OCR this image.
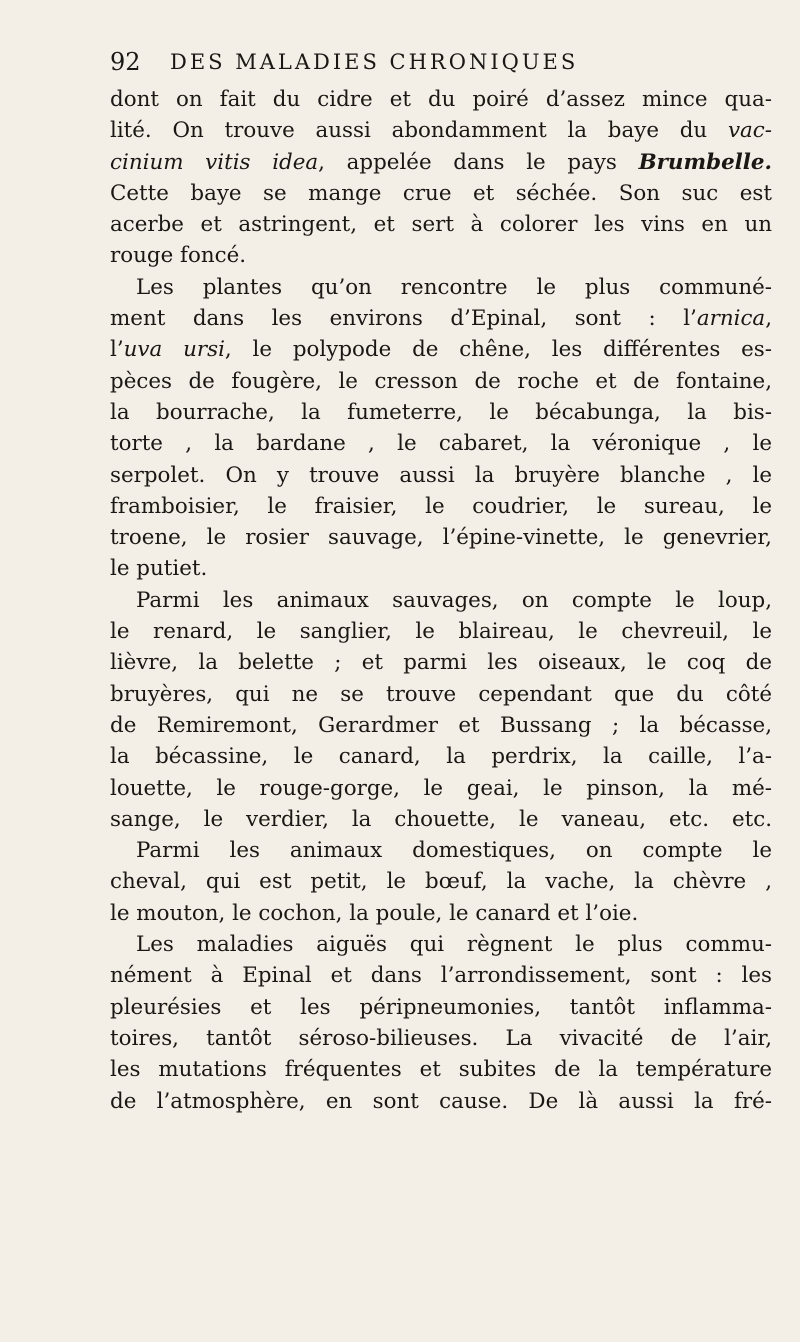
92	DES MALADIES CHRONIQUES
dont on fait du cidre et du poiré d’assez mince qua-
lité. On trouve aussi abondamment la baye du vac-
cinium vitis idea, appelée dans le pays Brumbelle.
Cette baye se mange crue et séchée. Son suc est
acerbe et astringent, et sert à colorer les vins en un
rouge foncé.
Les plantes qu’on rencontre le plus communé-
ment dans les environs d’Epinal, sont : l’arnica,
l’uva ursi, le polypode de chêne, les différentes es-
pèces de fougère, le cresson de roche et de fontaine,
la bourrache, la fumeterre, le bécabunga, la bis-
torte , la bardane , le cabaret, la véronique , le
serpolet. On y trouve aussi la bruyère blanche , le
framboisier, le fraisier, le coudrier, le sureau, le
troene, le rosier sauvage, l’épine-vinette, le genevrier,
le putiet.
Parmi les animaux sauvages, on compte le loup,
le renard, le sanglier, le blaireau, le chevreuil, le
lièvre, la belette ; et parmi les oiseaux, le coq de
bruyères, qui ne se trouve cependant que du côté
de Remiremont, Gerardmer et Bussang ; la bécasse,
la bécassine, le canard, la perdrix, la caille, l’a-
louette, le rouge-gorge, le geai, le pinson, la mé-
sange, le verdier, la chouette, le vaneau, etc. etc.
Parmi les animaux domestiques, on compte le
cheval, qui est petit, le bœuf, la vache, la chèvre ,
le mouton, le cochon, la poule, le canard et l’oie.
Les maladies aiguës qui règnent le plus commu-
nément à Epinal et dans l’arrondissement, sont : les
pleurésies et les péripneumonies, tantôt inflamma-
toires, tantôt séroso-bilieuses. La vivacité de l’air,
les mutations fréquentes et subites de la température
de l’atmosphère, en sont cause. De là aussi la fré-
